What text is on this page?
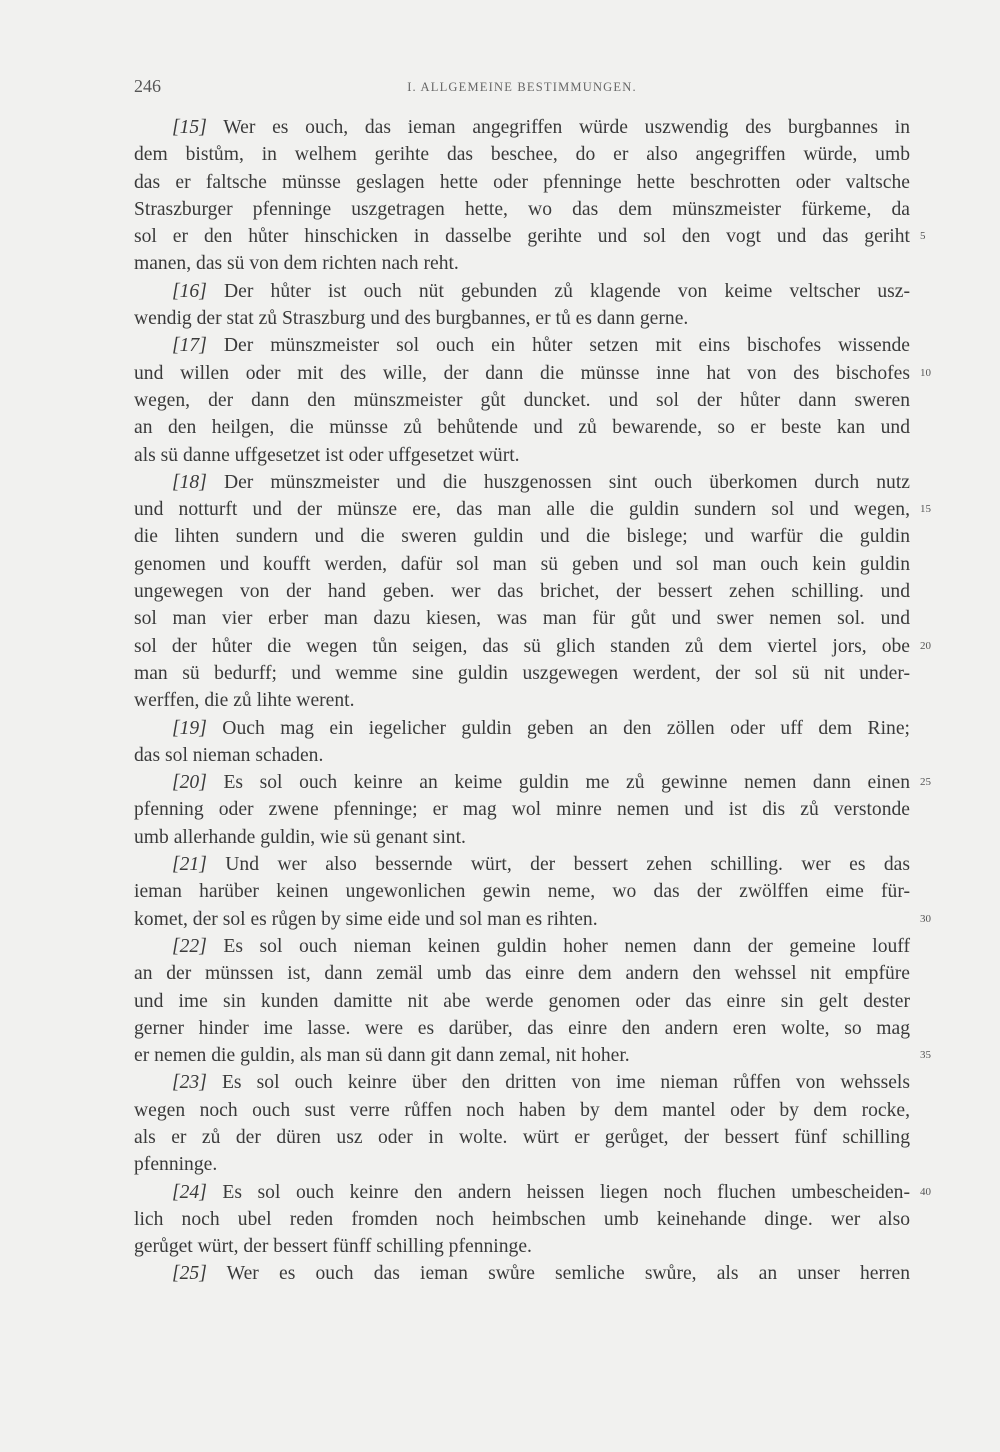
246	I. ALLGEMEINE BESTIMMUNGEN.
[15] Wer es ouch, das ieman angegriffen würde uszwendig des burgbannes in
dem bistům, in welhem gerihte das beschee, do er also angegriffen würde, umb
das er faltsche münsse geslagen hette oder pfenninge hette beschrotten oder valtsche
Straszburger pfenninge uszgetragen hette, wo das dem münszmeister fürkeme, da
sol er den hůter hinschicken in dasselbe gerihte und sol den vogt und das geriht 5
manen, das sü von dem richten nach reht.
[16] Der hůter ist ouch nüt gebunden zů klagende von keime veltscher usz-
wendig der stat zů Straszburg und des burgbannes, er tů es dann gerne.
[17] Der münszmeister sol ouch ein hůter setzen mit eins bischofes wissende
und willen oder mit des wille, der dann die münsse inne hat von des bischofes 10
wegen, der dann den münszmeister gůt duncket. und sol der hůter dann sweren
an den heilgen, die münsse zů behůtende und zů bewarende, so er beste kan und
als sü danne uffgesetzet ist oder uffgesetzet würt.
[18] Der münszmeister und die huszgenossen sint ouch überkomen durch nutz
und notturft und der münsze ere, das man alle die guldin sundern sol und wegen, 15
die lihten sundern und die sweren guldin und die bislege; und warfür die guldin
genomen und koufft werden, dafür sol man sü geben und sol man ouch kein guldin
ungewegen von der hand geben. wer das brichet, der bessert zehen schilling. und
sol man vier erber man dazu kiesen, was man für gůt und swer nemen sol. und
sol der hůter die wegen tůn seigen, das sü glich standen zů dem viertel jors, obe 20
man sü bedurff; und wemme sine guldin uszgewegen werdent, der sol sü nit under-
werffen, die zů lihte werent.
[19] Ouch mag ein iegelicher guldin geben an den zöllen oder uff dem Rine;
das sol nieman schaden.
[20] Es sol ouch keinre an keime guldin me zů gewinne nemen dann einen 25
pfenning oder zwene pfenninge; er mag wol minre nemen und ist dis zů verstonde
umb allerhande guldin, wie sü genant sint.
[21] Und wer also bessernde würt, der bessert zehen schilling. wer es das
ieman harüber keinen ungewonlichen gewin neme, wo das der zwölffen eime für-
komet, der sol es růgen by sime eide und sol man es rihten.	30
[22] Es sol ouch nieman keinen guldin hoher nemen dann der gemeine louff
an der münssen ist, dann zemäl umb das einre dem andern den wehssel nit empfüre
und ime sin kunden damitte nit abe werde genomen oder das einre sin gelt dester
gerner hinder ime lasse. were es darüber, das einre den andern eren wolte, so mag
er nemen die guldin, als man sü dann git dann zemal, nit hoher.	35
[23] Es sol ouch keinre über den dritten von ime nieman růffen von wehssels
wegen noch ouch sust verre růffen noch haben by dem mantel oder by dem rocke,
als er zů der düren usz oder in wolte. würt er gerůget, der bessert fünf schilling
pfenninge.
[24] Es sol ouch keinre den andern heissen liegen noch fluchen umbescheiden- 40
lich noch ubel reden fromden noch heimbschen umb keinehande dinge. wer also
gerůget würt, der bessert fünff schilling pfenninge.
[25] Wer es ouch das ieman swůre semliche swůre, als an unser herren
